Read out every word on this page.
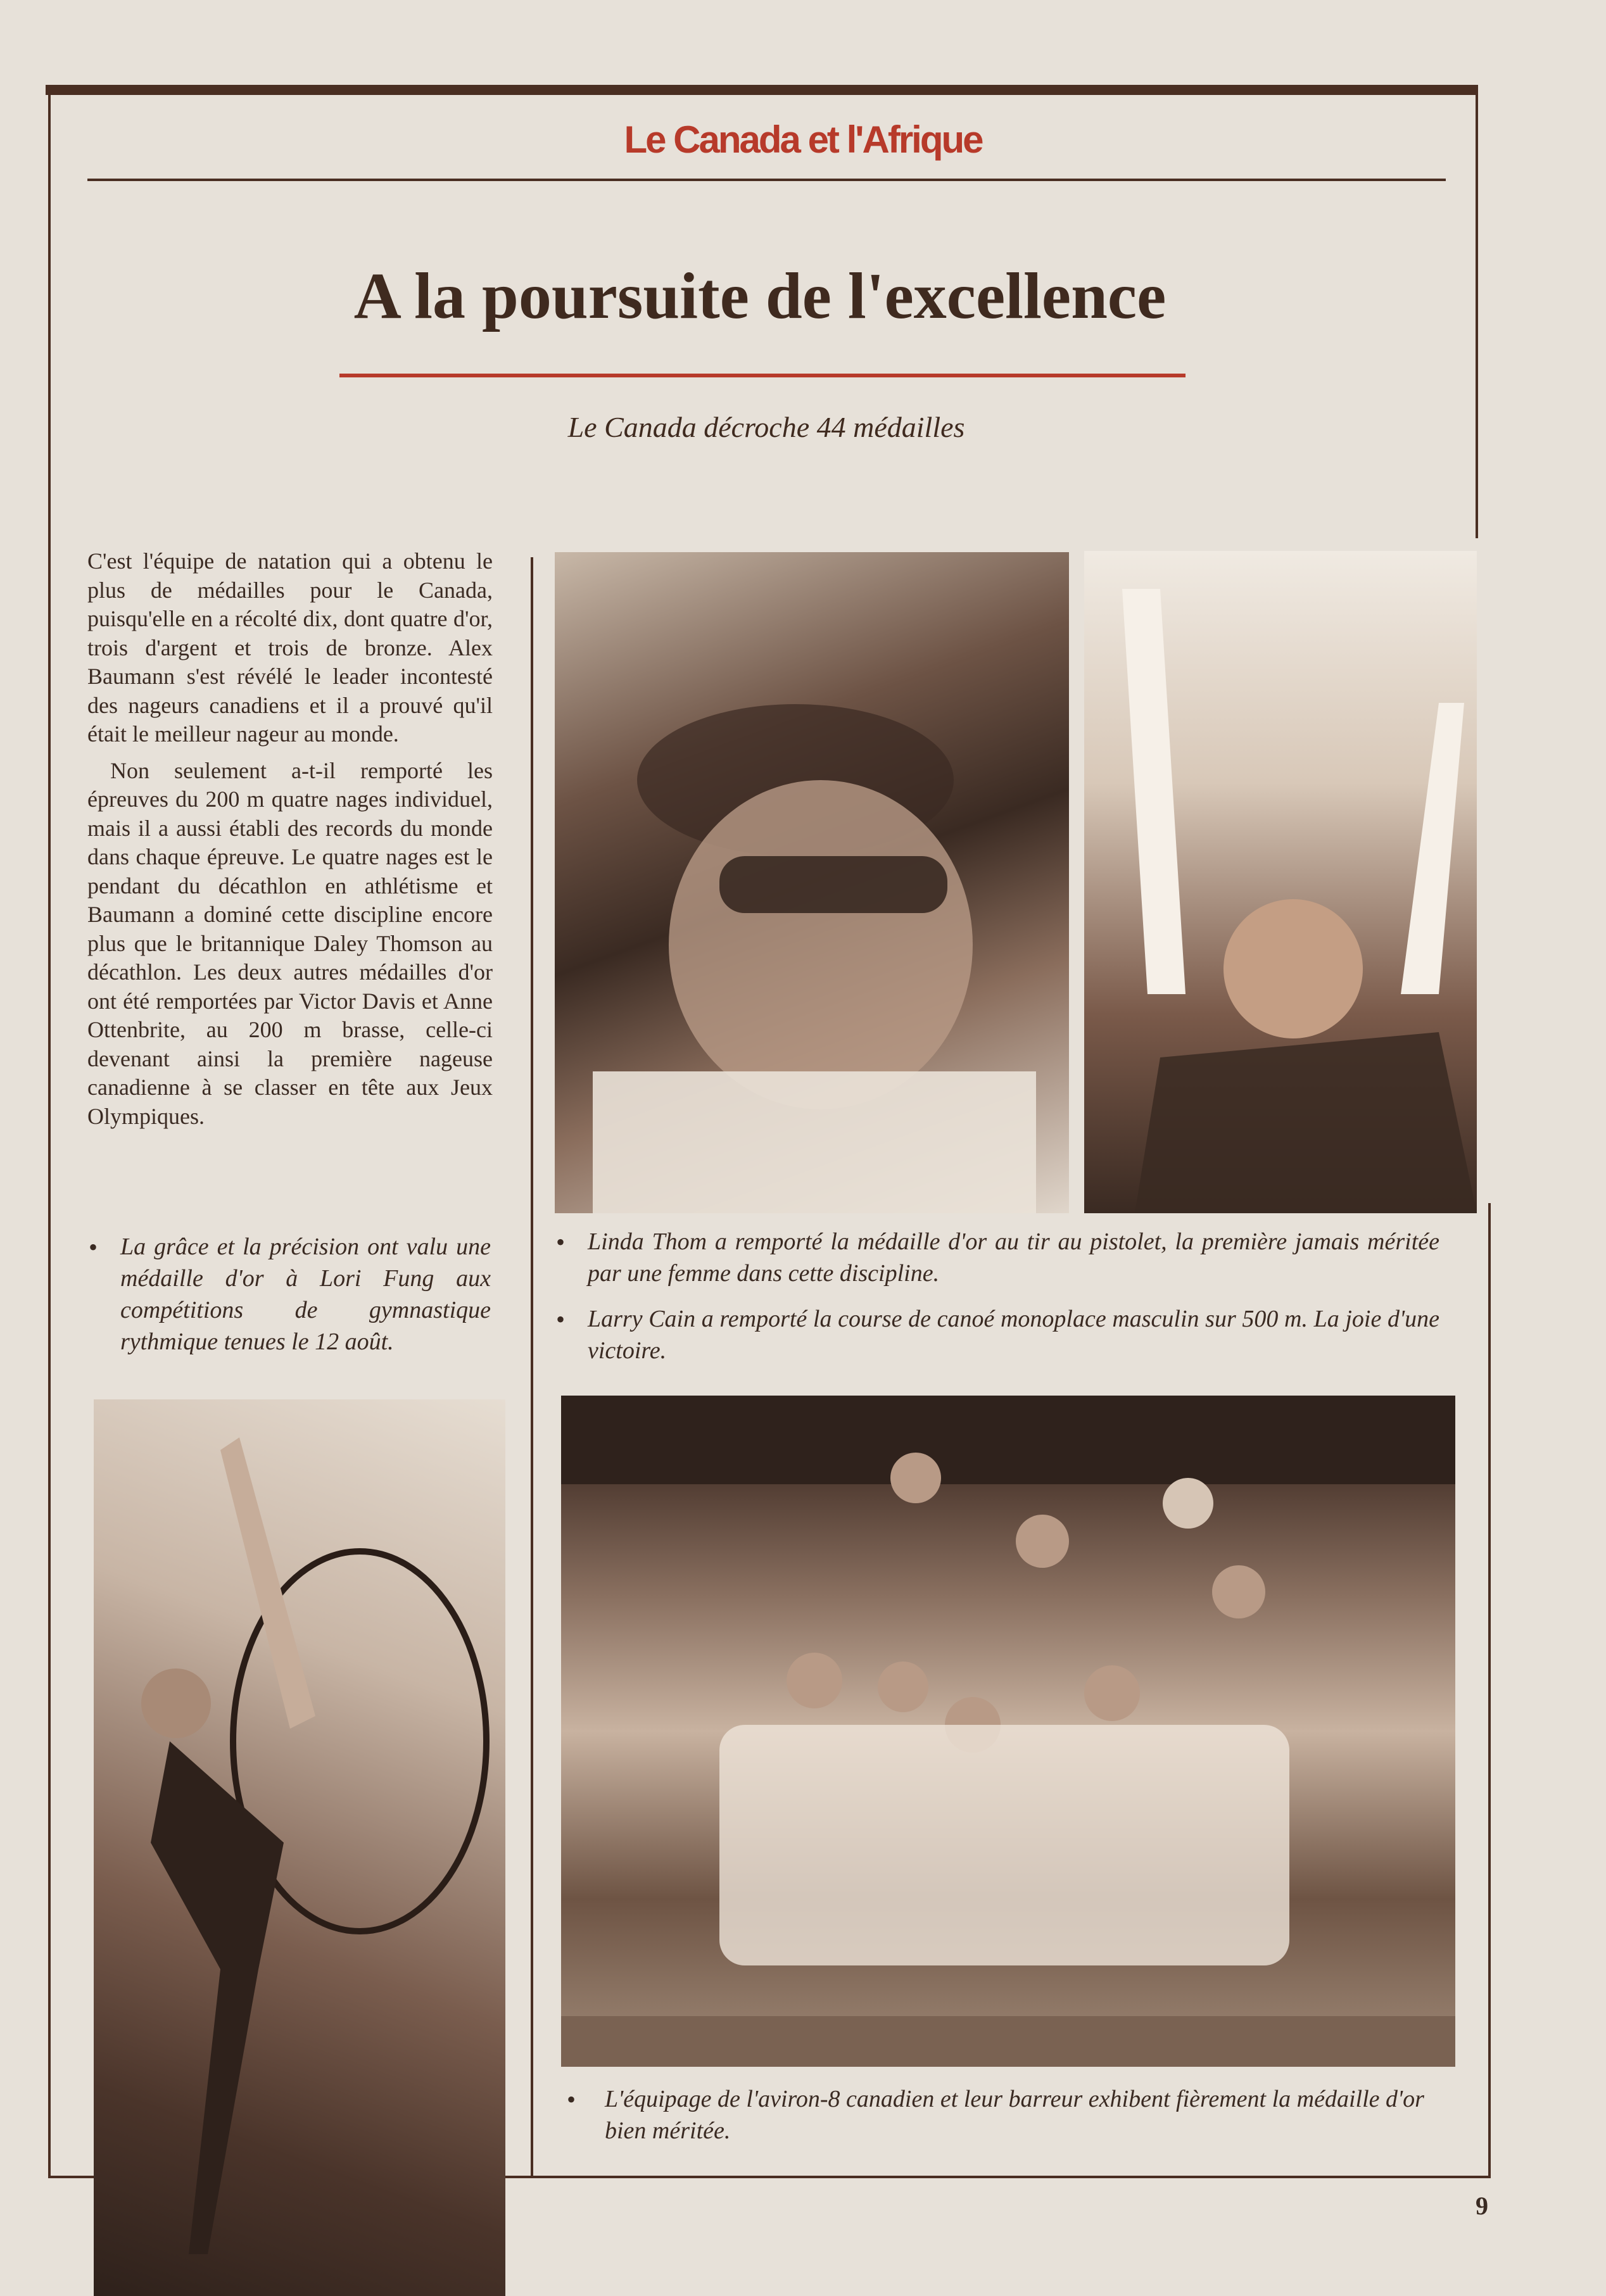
Le Canada et l'Afrique
A la poursuite de l'excellence
Le Canada décroche 44 médailles

C'est l'équipe de natation qui a obtenu le plus de médailles pour le Canada, puisqu'elle en a récolté dix, dont quatre d'or, trois d'argent et trois de bronze. Alex Baumann s'est révélé le leader incontesté des nageurs canadiens et il a prouvé qu'il était le meilleur nageur au monde.

Non seulement a-t-il remporté les épreuves du 200 m quatre nages individuel, mais il a aussi établi des records du monde dans chaque épreuve. Le quatre nages est le pendant du décathlon en athlétisme et Baumann a dominé cette discipline encore plus que le britannique Daley Thomson au décathlon. Les deux autres médailles d'or ont été remportées par Victor Davis et Anne Ottenbrite, au 200 m brasse, celle-ci devenant ainsi la première nageuse canadienne à se classer en tête aux Jeux Olympiques.

• La grâce et la précision ont valu une médaille d'or à Lori Fung aux compétitions de gymnastique rythmique tenues le 12 août.
• Linda Thom a remporté la médaille d'or au tir au pistolet, la première jamais méritée par une femme dans cette discipline.
• Larry Cain a remporté la course de canoé monoplace masculin sur 500 m. La joie d'une victoire.
• L'équipage de l'aviron-8 canadien et leur barreur exhibent fièrement la médaille d'or bien méritée.
9
